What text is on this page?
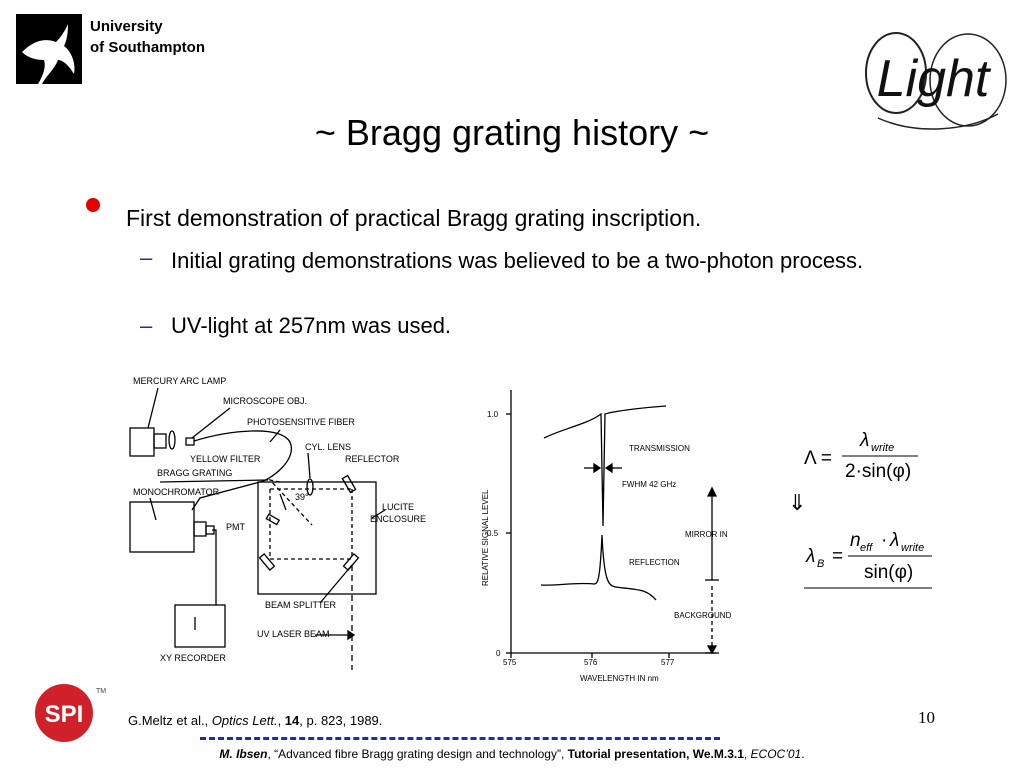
University
of Southampton
Light
~ Bragg grating history ~
First demonstration of practical Bragg grating inscription.
– Initial grating demonstrations was believed to be a two-photon process.
– UV-light at 257nm was used.
MERCURY ARC LAMP
MICROSCOPE OBJ.
PHOTOSENSITIVE FIBER
CYL. LENS
YELLOW FILTER	REFLECTOR
BRAGG GRATING
39°
MONOCHROMATOR
LUCITE
ENCLOSURE
PMT
BEAM SPLITTER
UV LASER BEAM
XY RECORDER
1.0
0.5
0
575	576	577
WAVELENGTH IN nm
RELATIVE SIGNAL LEVEL
TRANSMISSION
FWHM 42 GHz
MIRROR IN
REFLECTION
BACKGROUND
Λ =
λ write
2·sin(φ)
⇓
λ B =
n eff · λ write
sin(φ)
G.Meltz et al., Optics Lett., 14, p. 823, 1989.	10
M. Ibsen, “Advanced fibre Bragg grating design and technology”, Tutorial presentation, We.M.3.1, ECOC’01.
SPI
TM
